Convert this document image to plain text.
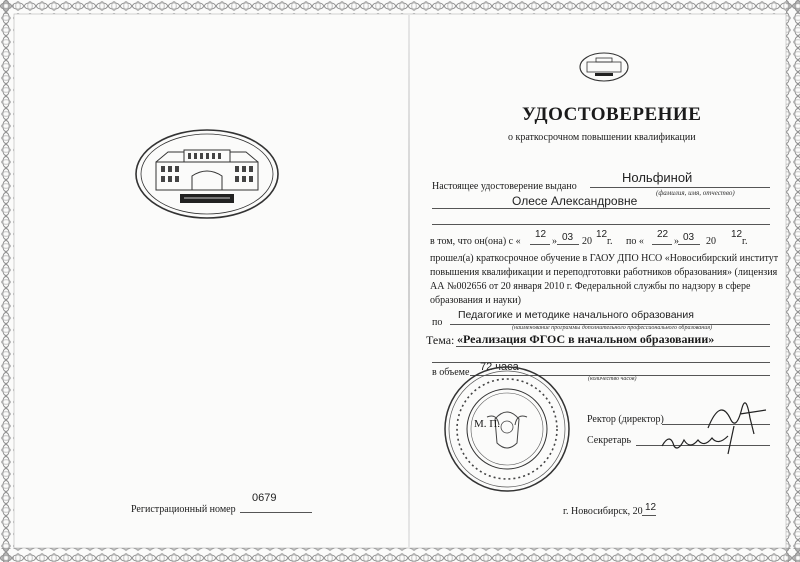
УДОСТОВЕРЕНИЕ
о краткосрочном повышении квалификации
Настоящее удостоверение выдано
Нольфиной
(фамилия, имя, отчество)
Олесе Александровне
в том, что он(она) с «
12
» 03 20
12
г. по «
22
» 03 20
12
г.
прошел(а) краткосрочное обучение в ГАОУ ДПО НСО «Новосибирский институт
повышения квалификации и переподготовки работников образования» (лицензия
АА №002656 от 20 января 2010 г. Федеральной службы по надзору в сфере
образования и науки)
по
Педагогике и методике начального образования
(наименование программы дополнительного профессионального образования)
Тема: «Реализация ФГОС в начальном образовании»
в объеме 72 часа
(количество часов)
М. П.	Ректор (директор)
Секретарь
Регистрационный номер
0679
г. Новосибирск, 20 12
